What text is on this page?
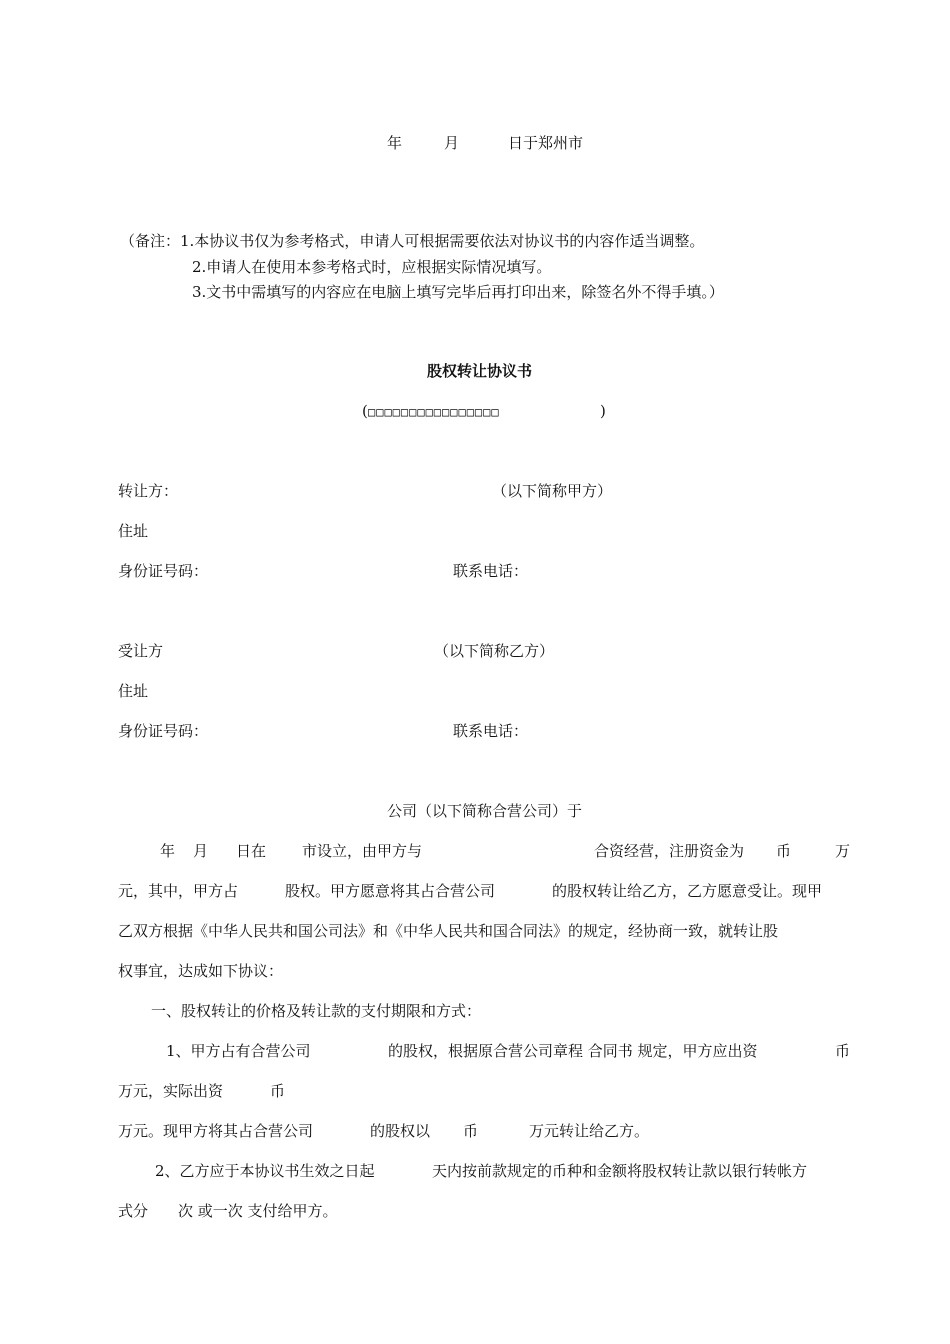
年	月	日于郑州市
（备注：1.本协议书仅为参考格式，申请人可根据需要依法对协议书的内容作适当调整。
2.申请人在使用本参考格式时，应根据实际情况填写。
3.文书中需填写的内容应在电脑上填写完毕后再打印出来，除签名外不得手填。）
股权转让协议书
( □□□□□□□□□□□□□□□□	)
转让方：	（以下简称甲方）
住址
身份证号码：	联系电话：
受让方	（以下简称乙方）
住址
身份证号码：	联系电话：
公司（以下简称合营公司）于
年 月 日在 市设立，由甲方与	合资经营，注册资金为 币	万
元，其中，甲方占	股权。甲方愿意将其占合营公司	的股权转让给乙方，乙方愿意受让。现甲
乙双方根据《中华人民共和国公司法》和《中华人民共和国合同法》的规定，经协商一致，就转让股
权事宜，达成如下协议：
一、股权转让的价格及转让款的支付期限和方式：
1、甲方占有合营公司	的股权，根据原合营公司章程 合同书 规定，甲方应出资	币
万元，实际出资	币
万元。现甲方将其占合营公司	的股权以 币	万元转让给乙方。
2、乙方应于本协议书生效之日起	天内按前款规定的币种和金额将股权转让款以银行转帐方
式分 次 或一次 支付给甲方。
